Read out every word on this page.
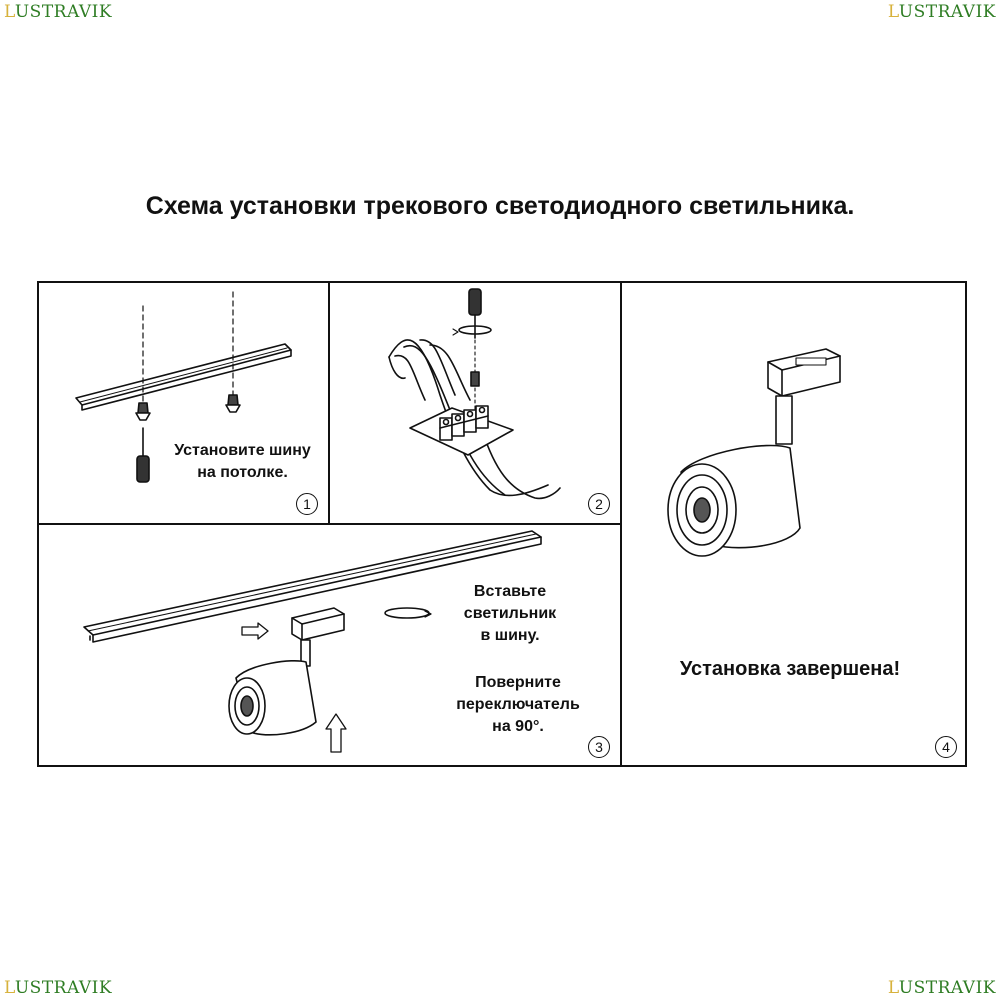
LUSTRAVIK	LUSTRAVIK
LUSTRAVIK	LUSTRAVIK
Схема установки трекового светодиодного светильника.
Установите шину
на потолке.
Вставьте
светильник
в шину.
Поверните
переключатель
на 90°.
Установка завершена!
1	2
3	4
